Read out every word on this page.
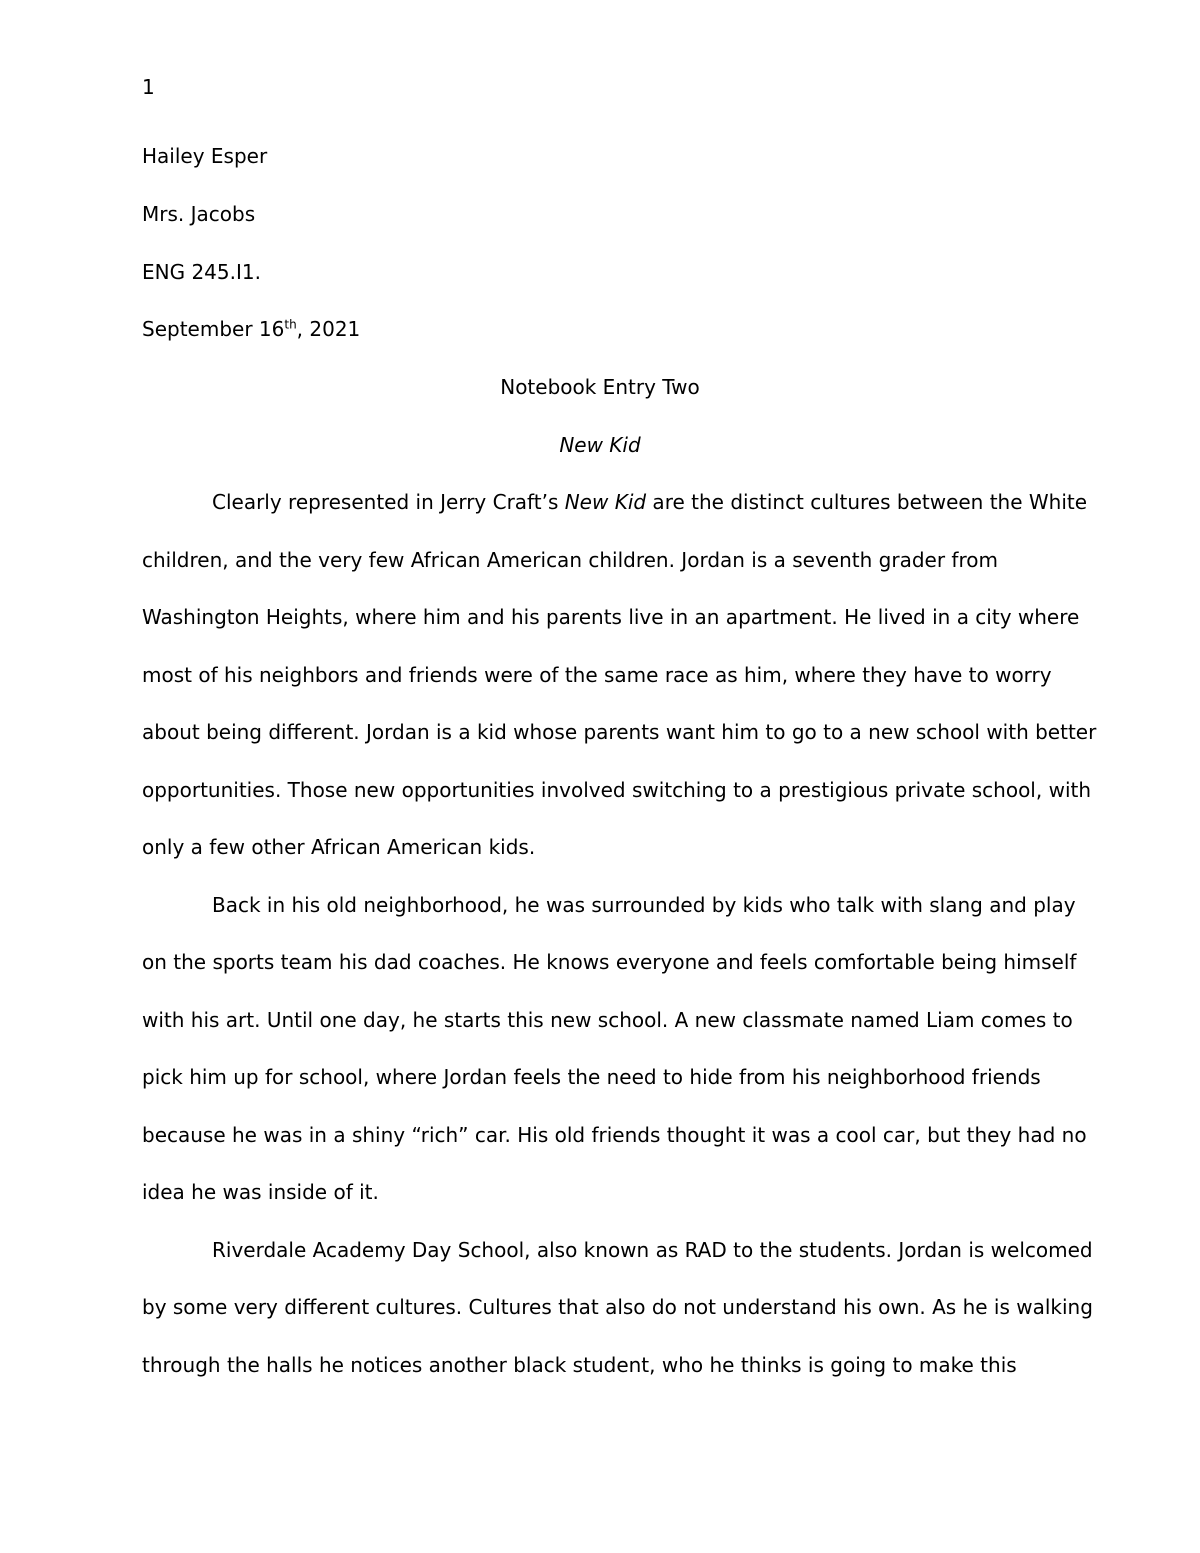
1
Hailey Esper
Mrs. Jacobs
ENG 245.I1.
September 16th, 2021
Notebook Entry Two
New Kid
Clearly represented in Jerry Craft’s New Kid are the distinct cultures between the White
children, and the very few African American children. Jordan is a seventh grader from
Washington Heights, where him and his parents live in an apartment. He lived in a city where
most of his neighbors and friends were of the same race as him, where they have to worry
about being different. Jordan is a kid whose parents want him to go to a new school with better
opportunities. Those new opportunities involved switching to a prestigious private school, with
only a few other African American kids.
Back in his old neighborhood, he was surrounded by kids who talk with slang and play
on the sports team his dad coaches. He knows everyone and feels comfortable being himself
with his art. Until one day, he starts this new school. A new classmate named Liam comes to
pick him up for school, where Jordan feels the need to hide from his neighborhood friends
because he was in a shiny “rich” car. His old friends thought it was a cool car, but they had no
idea he was inside of it.
Riverdale Academy Day School, also known as RAD to the students. Jordan is welcomed
by some very different cultures. Cultures that also do not understand his own. As he is walking
through the halls he notices another black student, who he thinks is going to make this
